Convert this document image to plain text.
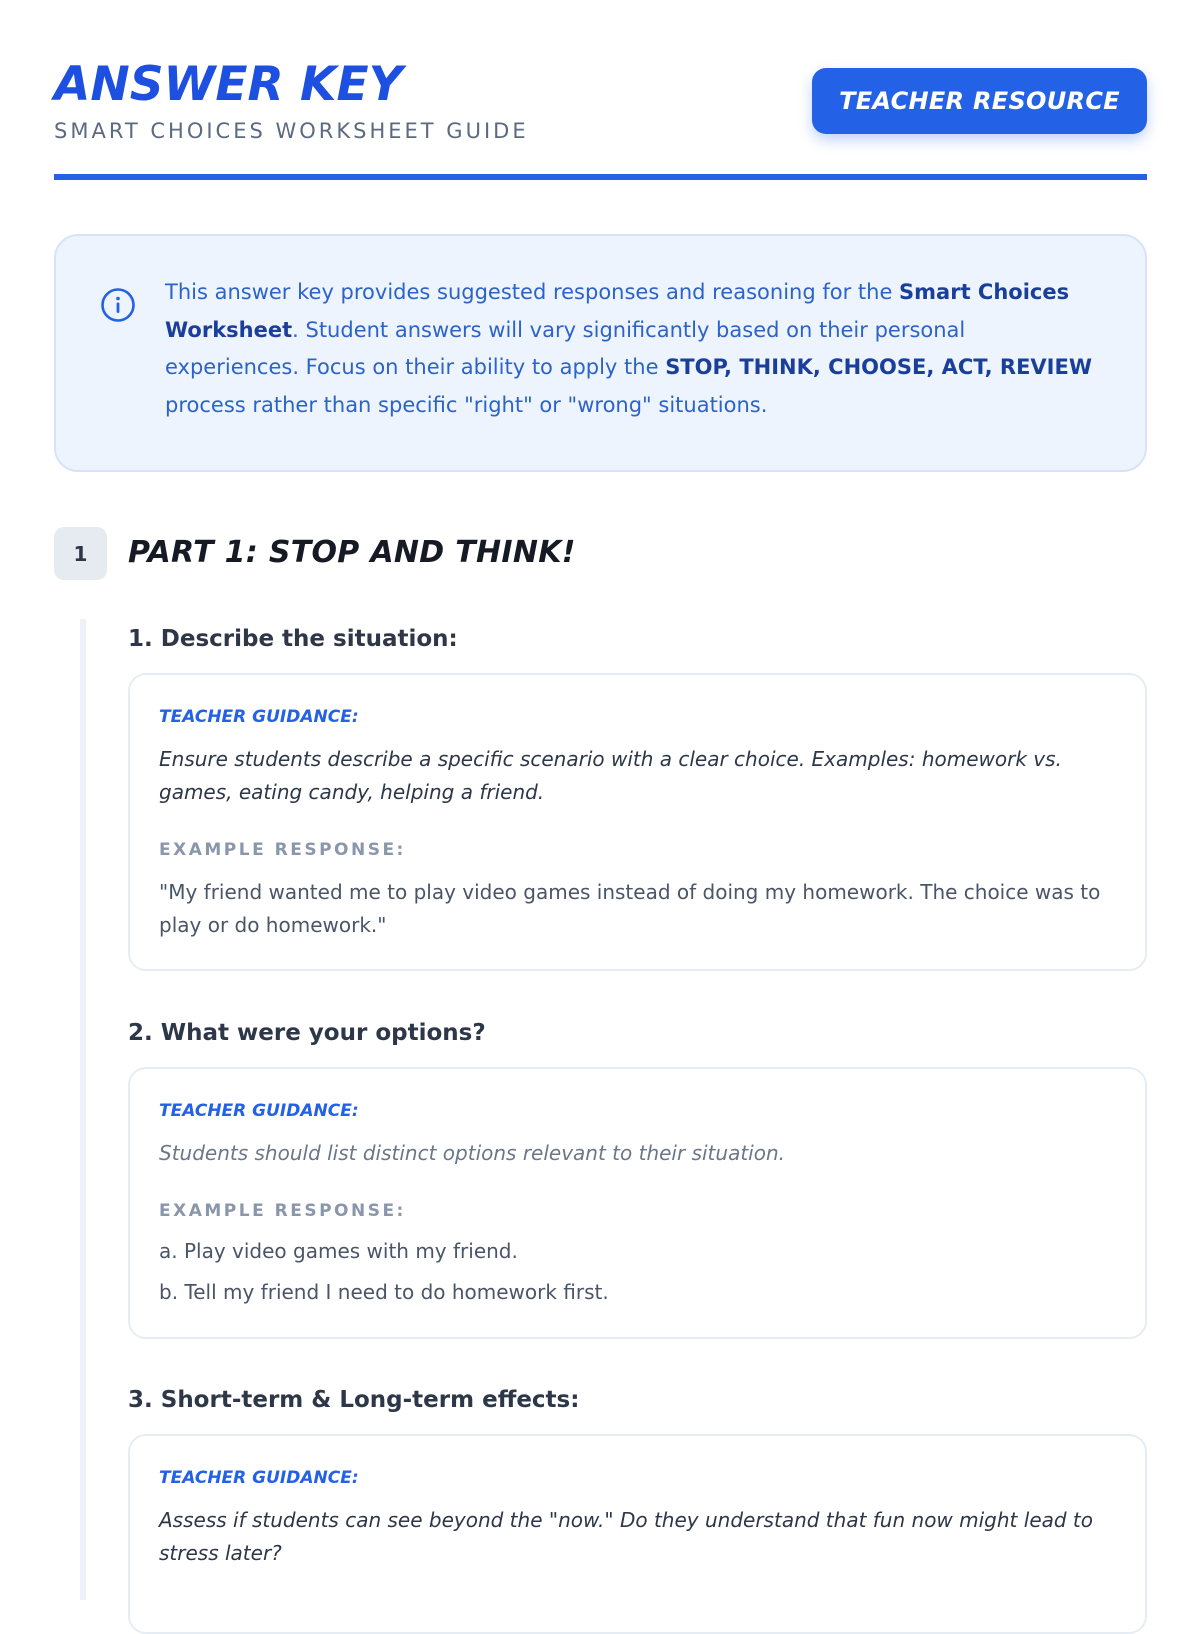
ANSWER KEY
SMART CHOICES WORKSHEET GUIDE
TEACHER RESOURCE
This answer key provides suggested responses and reasoning for the Smart Choices Worksheet. Student answers will vary significantly based on their personal experiences. Focus on their ability to apply the STOP, THINK, CHOOSE, ACT, REVIEW process rather than specific "right" or "wrong" situations.
1	PART 1: STOP AND THINK!
1. Describe the situation:
TEACHER GUIDANCE:
Ensure students describe a specific scenario with a clear choice. Examples: homework vs. games, eating candy, helping a friend.
EXAMPLE RESPONSE:
"My friend wanted me to play video games instead of doing my homework. The choice was to play or do homework."
2. What were your options?
TEACHER GUIDANCE:
Students should list distinct options relevant to their situation.
EXAMPLE RESPONSE:
a. Play video games with my friend.
b. Tell my friend I need to do homework first.
3. Short-term & Long-term effects:
TEACHER GUIDANCE:
Assess if students can see beyond the "now." Do they understand that fun now might lead to stress later?
